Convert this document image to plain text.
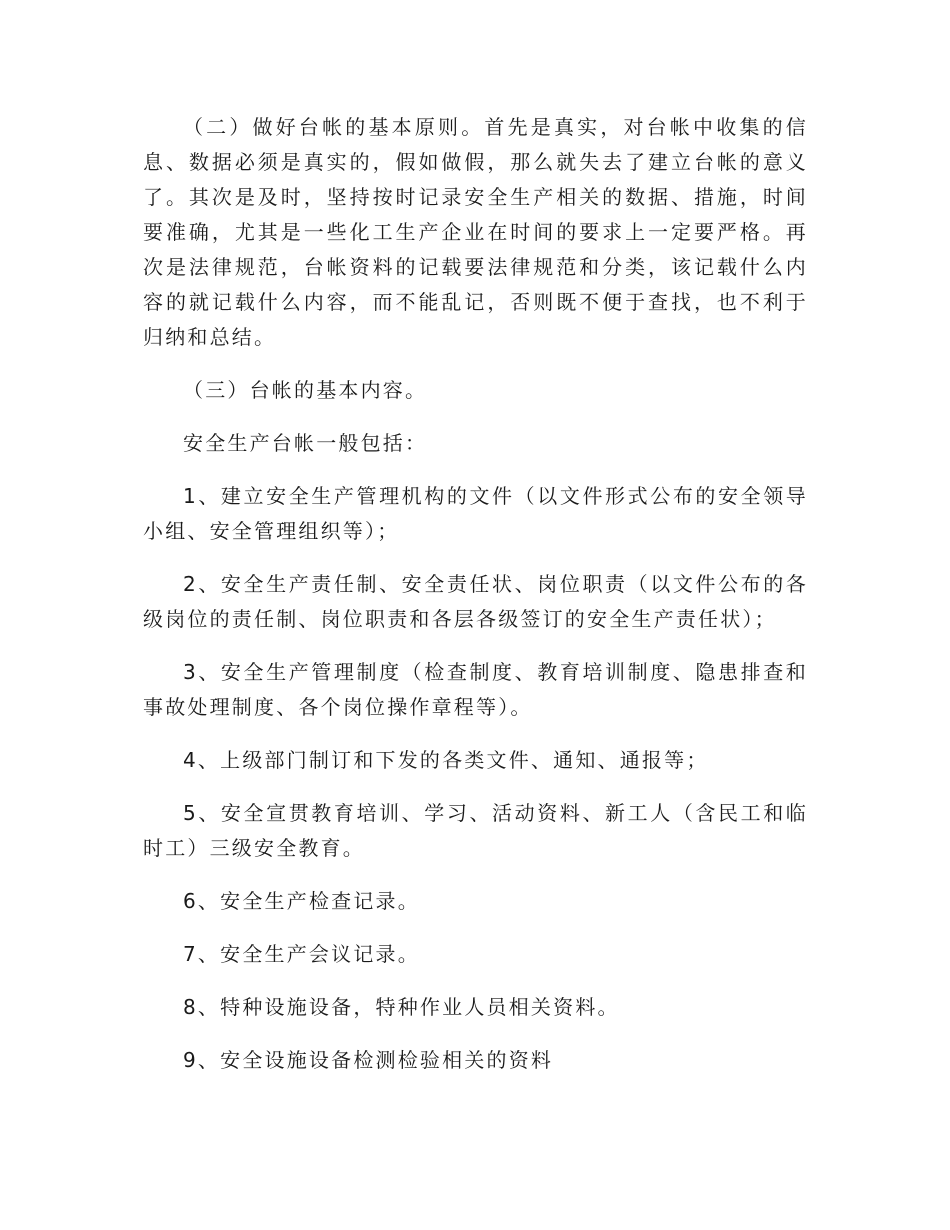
（二）做好台帐的基本原则。首先是真实，对台帐中收集的信息、数据必须是真实的，假如做假，那么就失去了建立台帐的意义了。其次是及时，坚持按时记录安全生产相关的数据、措施，时间要准确，尤其是一些化工生产企业在时间的要求上一定要严格。再次是法律规范，台帐资料的记载要法律规范和分类，该记载什么内容的就记载什么内容，而不能乱记，否则既不便于查找，也不利于归纳和总结。

（三）台帐的基本内容。

安全生产台帐一般包括：

1、建立安全生产管理机构的文件（以文件形式公布的安全领导小组、安全管理组织等）；

2、安全生产责任制、安全责任状、岗位职责（以文件公布的各级岗位的责任制、岗位职责和各层各级签订的安全生产责任状）；

3、安全生产管理制度（检查制度、教育培训制度、隐患排查和事故处理制度、各个岗位操作章程等）。

4、上级部门制订和下发的各类文件、通知、通报等；

5、安全宣贯教育培训、学习、活动资料、新工人（含民工和临时工）三级安全教育。

6、安全生产检查记录。

7、安全生产会议记录。

8、特种设施设备，特种作业人员相关资料。

9、安全设施设备检测检验相关的资料
